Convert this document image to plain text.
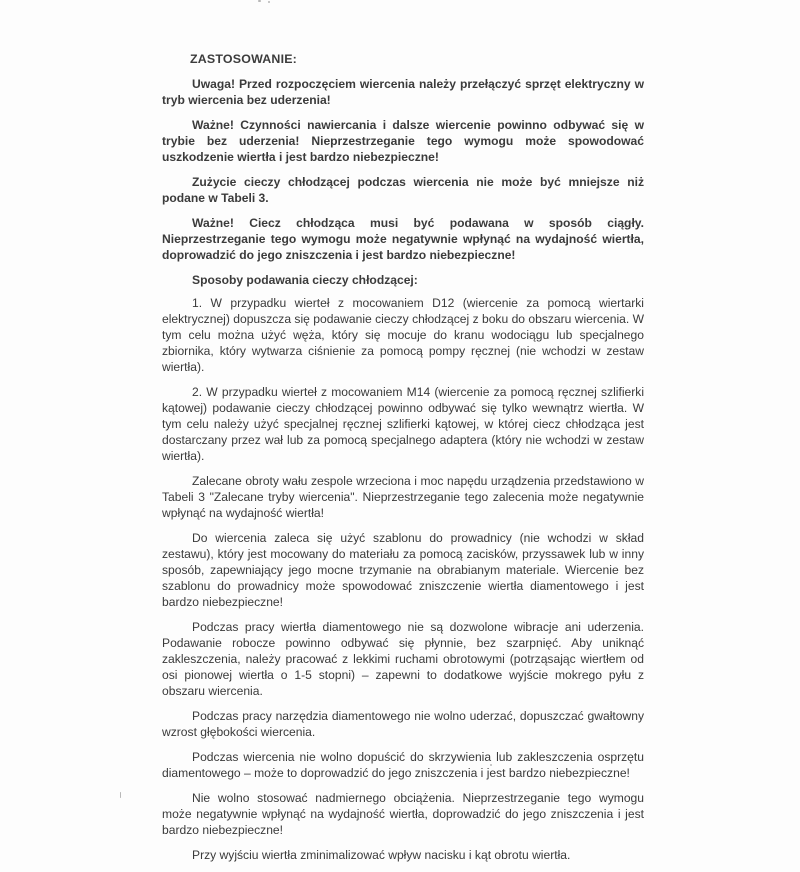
ZASTOSOWANIE:

Uwaga! Przed rozpoczęciem wiercenia należy przełączyć sprzęt elektryczny w tryb wiercenia bez uderzenia!

Ważne! Czynności nawiercania i dalsze wiercenie powinno odbywać się w trybie bez uderzenia! Nieprzestrzeganie tego wymogu może spowodować uszkodzenie wiertła i jest bardzo niebezpieczne!

Zużycie cieczy chłodzącej podczas wiercenia nie może być mniejsze niż podane w Tabeli 3.

Ważne! Ciecz chłodząca musi być podawana w sposób ciągły. Nieprzestrzeganie tego wymogu może negatywnie wpłynąć na wydajność wiertła, doprowadzić do jego zniszczenia i jest bardzo niebezpieczne!

Sposoby podawania cieczy chłodzącej:

1. W przypadku wierteł z mocowaniem D12 (wiercenie za pomocą wiertarki elektrycznej) dopuszcza się podawanie cieczy chłodzącej z boku do obszaru wiercenia. W tym celu można użyć węża, który się mocuje do kranu wodociągu lub specjalnego zbiornika, który wytwarza ciśnienie za pomocą pompy ręcznej (nie wchodzi w zestaw wiertła).

2. W przypadku wierteł z mocowaniem M14 (wiercenie za pomocą ręcznej szlifierki kątowej) podawanie cieczy chłodzącej powinno odbywać się tylko wewnątrz wiertła. W tym celu należy użyć specjalnej ręcznej szlifierki kątowej, w której ciecz chłodząca jest dostarczany przez wał lub za pomocą specjalnego adaptera (który nie wchodzi w zestaw wiertła).

Zalecane obroty wału zespole wrzeciona i moc napędu urządzenia przedstawiono w Tabeli 3 "Zalecane tryby wiercenia". Nieprzestrzeganie tego zalecenia może negatywnie wpłynąć na wydajność wiertła!

Do wiercenia zaleca się użyć szablonu do prowadnicy (nie wchodzi w skład zestawu), który jest mocowany do materiału za pomocą zacisków, przyssawek lub w inny sposób, zapewniający jego mocne trzymanie na obrabianym materiale. Wiercenie bez szablonu do prowadnicy może spowodować zniszczenie wiertła diamentowego i jest bardzo niebezpieczne!

Podczas pracy wiertła diamentowego nie są dozwolone wibracje ani uderzenia. Podawanie robocze powinno odbywać się płynnie, bez szarpnięć. Aby uniknąć zakleszczenia, należy pracować z lekkimi ruchami obrotowymi (potrząsając wiertłem od osi pionowej wiertła o 1-5 stopni) – zapewni to dodatkowe wyjście mokrego pyłu z obszaru wiercenia.

Podczas pracy narzędzia diamentowego nie wolno uderzać, dopuszczać gwałtowny wzrost głębokości wiercenia.

Podczas wiercenia nie wolno dopuścić do skrzywienia lub zakleszczenia osprzętu diamentowego – może to doprowadzić do jego zniszczenia i jest bardzo niebezpieczne!

Nie wolno stosować nadmiernego obciążenia. Nieprzestrzeganie tego wymogu może negatywnie wpłynąć na wydajność wiertła, doprowadzić do jego zniszczenia i jest bardzo niebezpieczne!

Przy wyjściu wiertła zminimalizować wpływ nacisku i kąt obrotu wiertła.
